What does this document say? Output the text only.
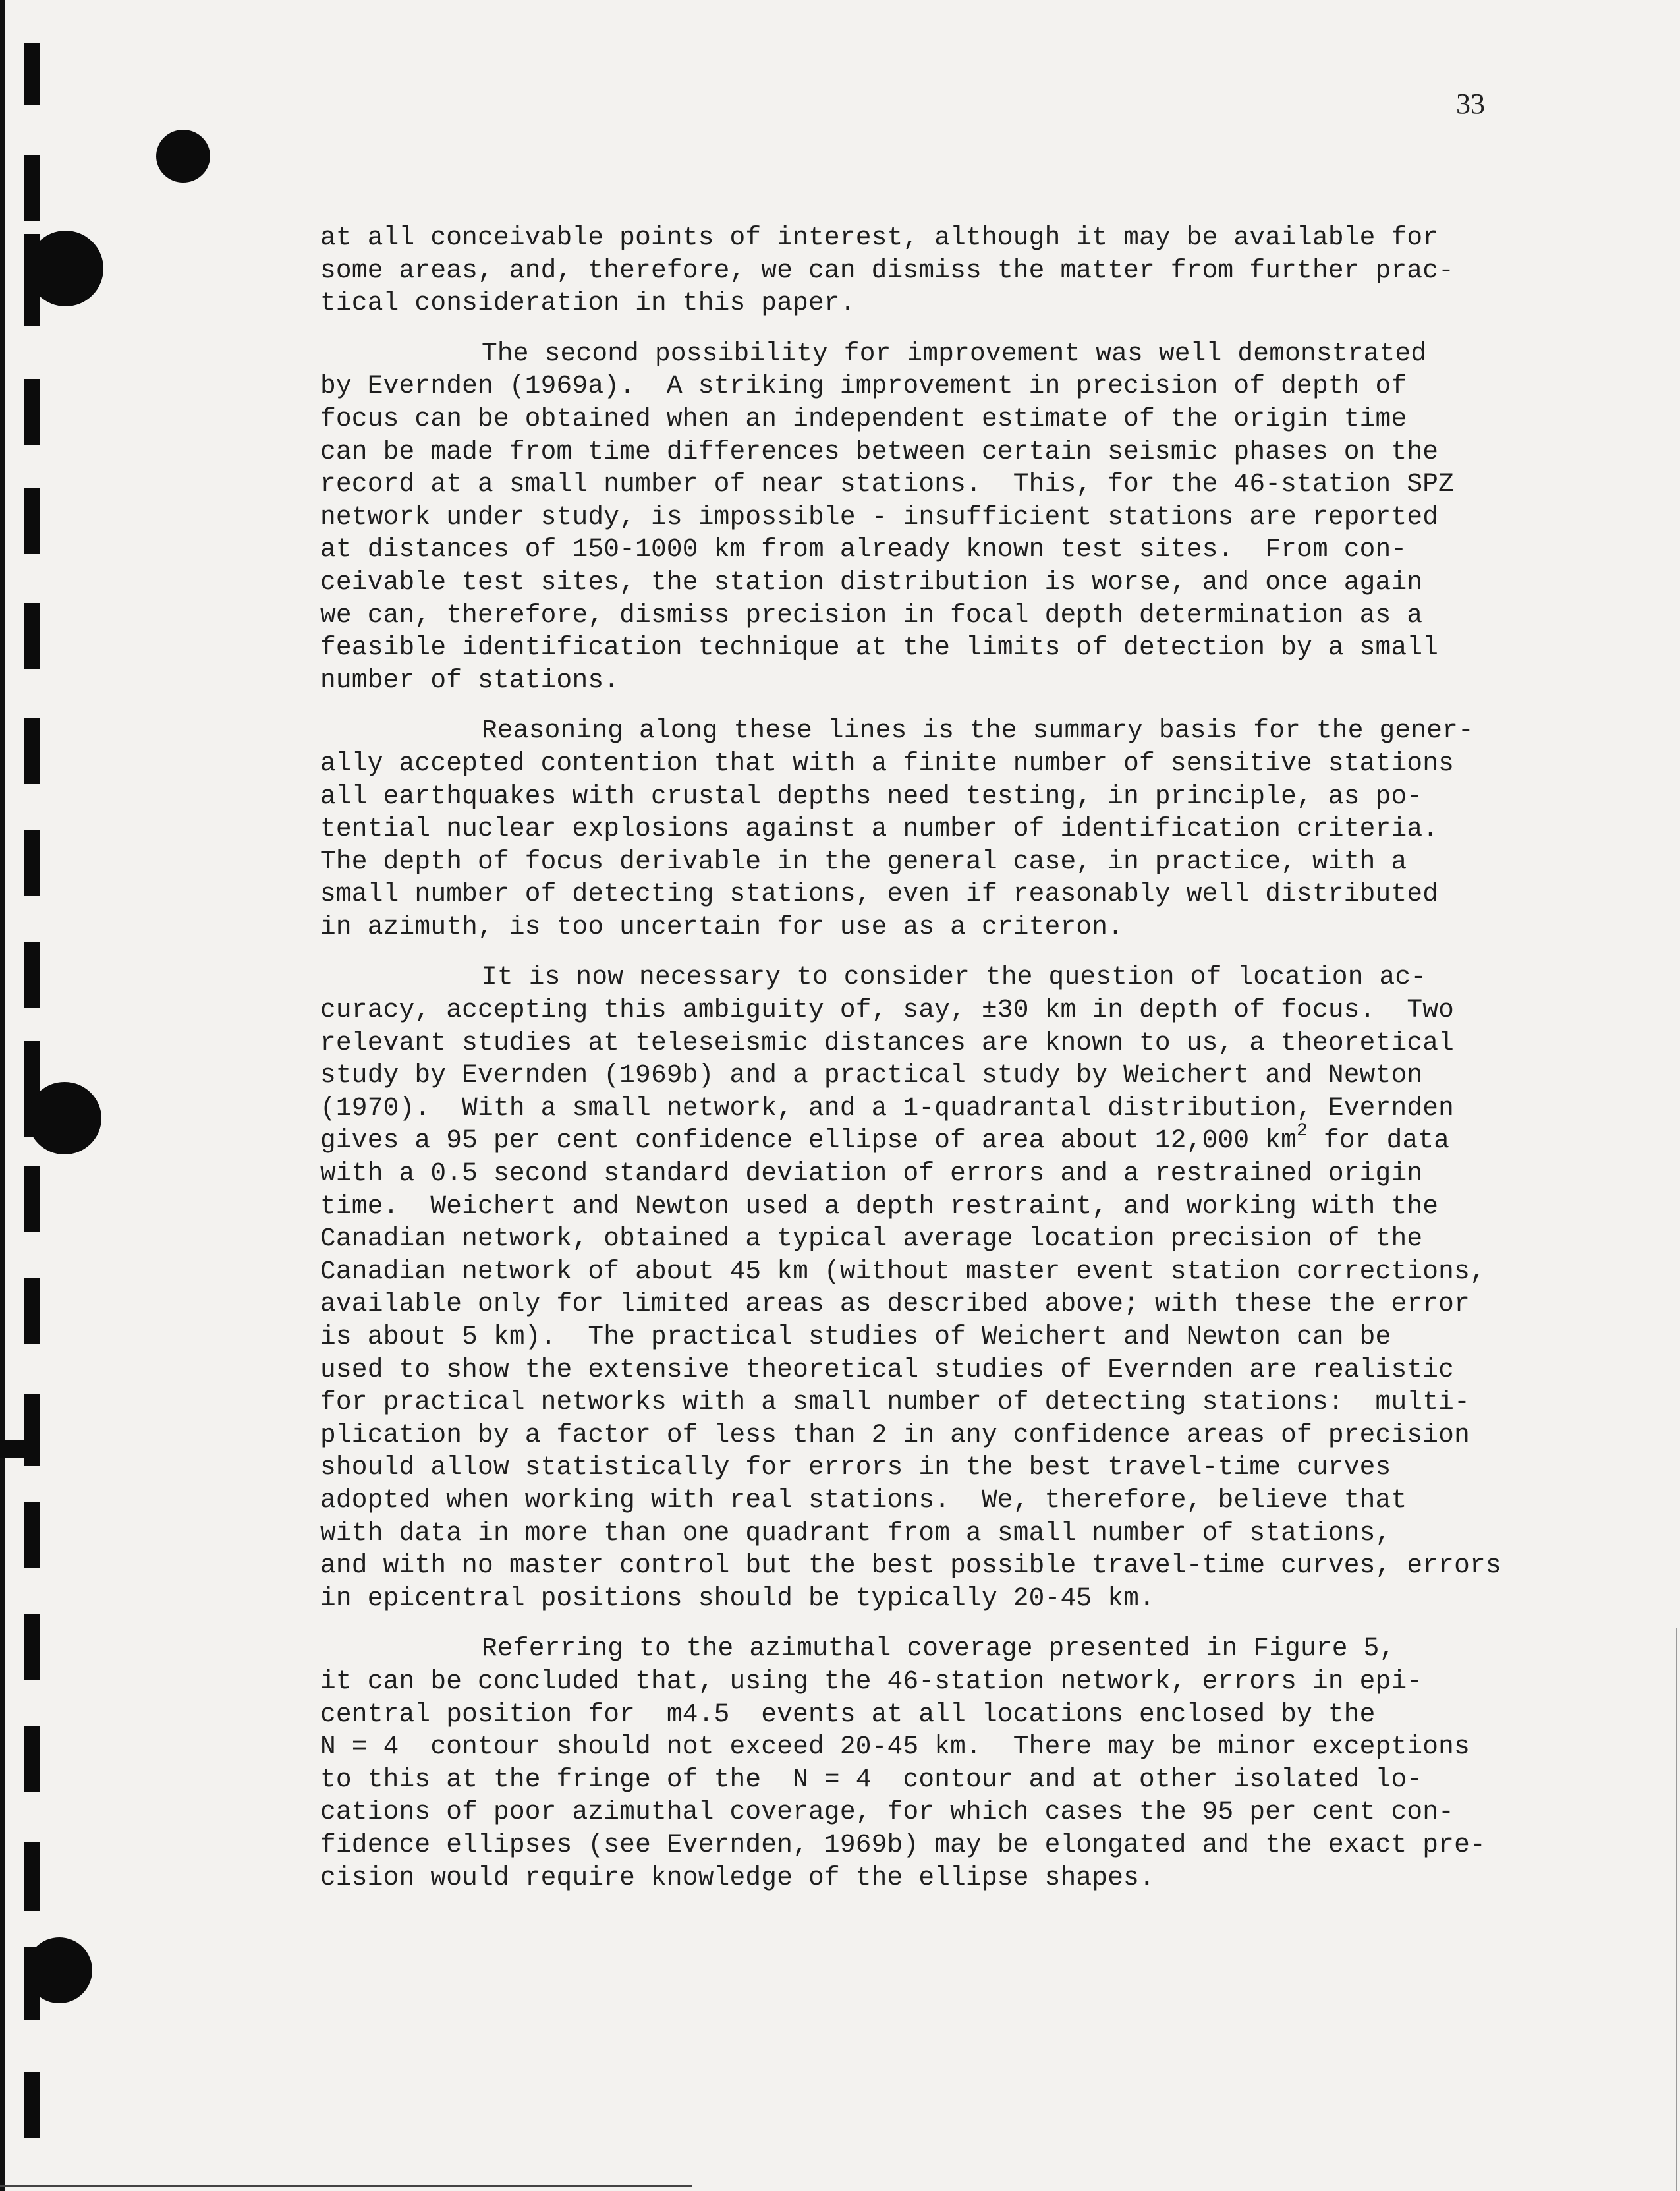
33
at all conceivable points of interest, although it may be available for
some areas, and, therefore, we can dismiss the matter from further prac-
tical consideration in this paper.
The second possibility for improvement was well demonstrated
by Evernden (1969a).  A striking improvement in precision of depth of
focus can be obtained when an independent estimate of the origin time
can be made from time differences between certain seismic phases on the
record at a small number of near stations.  This, for the 46-station SPZ
network under study, is impossible - insufficient stations are reported
at distances of 150-1000 km from already known test sites.  From con-
ceivable test sites, the station distribution is worse, and once again
we can, therefore, dismiss precision in focal depth determination as a
feasible identification technique at the limits of detection by a small
number of stations.
Reasoning along these lines is the summary basis for the gener-
ally accepted contention that with a finite number of sensitive stations
all earthquakes with crustal depths need testing, in principle, as po-
tential nuclear explosions against a number of identification criteria.
The depth of focus derivable in the general case, in practice, with a
small number of detecting stations, even if reasonably well distributed
in azimuth, is too uncertain for use as a criteron.
It is now necessary to consider the question of location ac-
curacy, accepting this ambiguity of, say, ±30 km in depth of focus.  Two
relevant studies at teleseismic distances are known to us, a theoretical
study by Evernden (1969b) and a practical study by Weichert and Newton
(1970).  With a small network, and a 1-quadrantal distribution, Evernden
gives a 95 per cent confidence ellipse of area about 12,000 $km^2$ for data
with a 0.5 second standard deviation of errors and a restrained origin
time.  Weichert and Newton used a depth restraint, and working with the
Canadian network, obtained a typical average location precision of the
Canadian network of about 45 km (without master event station corrections,
available only for limited areas as described above; with these the error
is about 5 km).  The practical studies of Weichert and Newton can be
used to show the extensive theoretical studies of Evernden are realistic
for practical networks with a small number of detecting stations:  multi-
plication by a factor of less than 2 in any confidence areas of precision
should allow statistically for errors in the best travel-time curves
adopted when working with real stations.  We, therefore, believe that
with data in more than one quadrant from a small number of stations,
and with no master control but the best possible travel-time curves, errors
in epicentral positions should be typically 20-45 km.
Referring to the azimuthal coverage presented in Figure 5,
it can be concluded that, using the 46-station network, errors in epi-
central position for  m4.5  events at all locations enclosed by the
N = 4  contour should not exceed 20-45 km.  There may be minor exceptions
to this at the fringe of the  N = 4  contour and at other isolated lo-
cations of poor azimuthal coverage, for which cases the 95 per cent con-
fidence ellipses (see Evernden, 1969b) may be elongated and the exact pre-
cision would require knowledge of the ellipse shapes.
